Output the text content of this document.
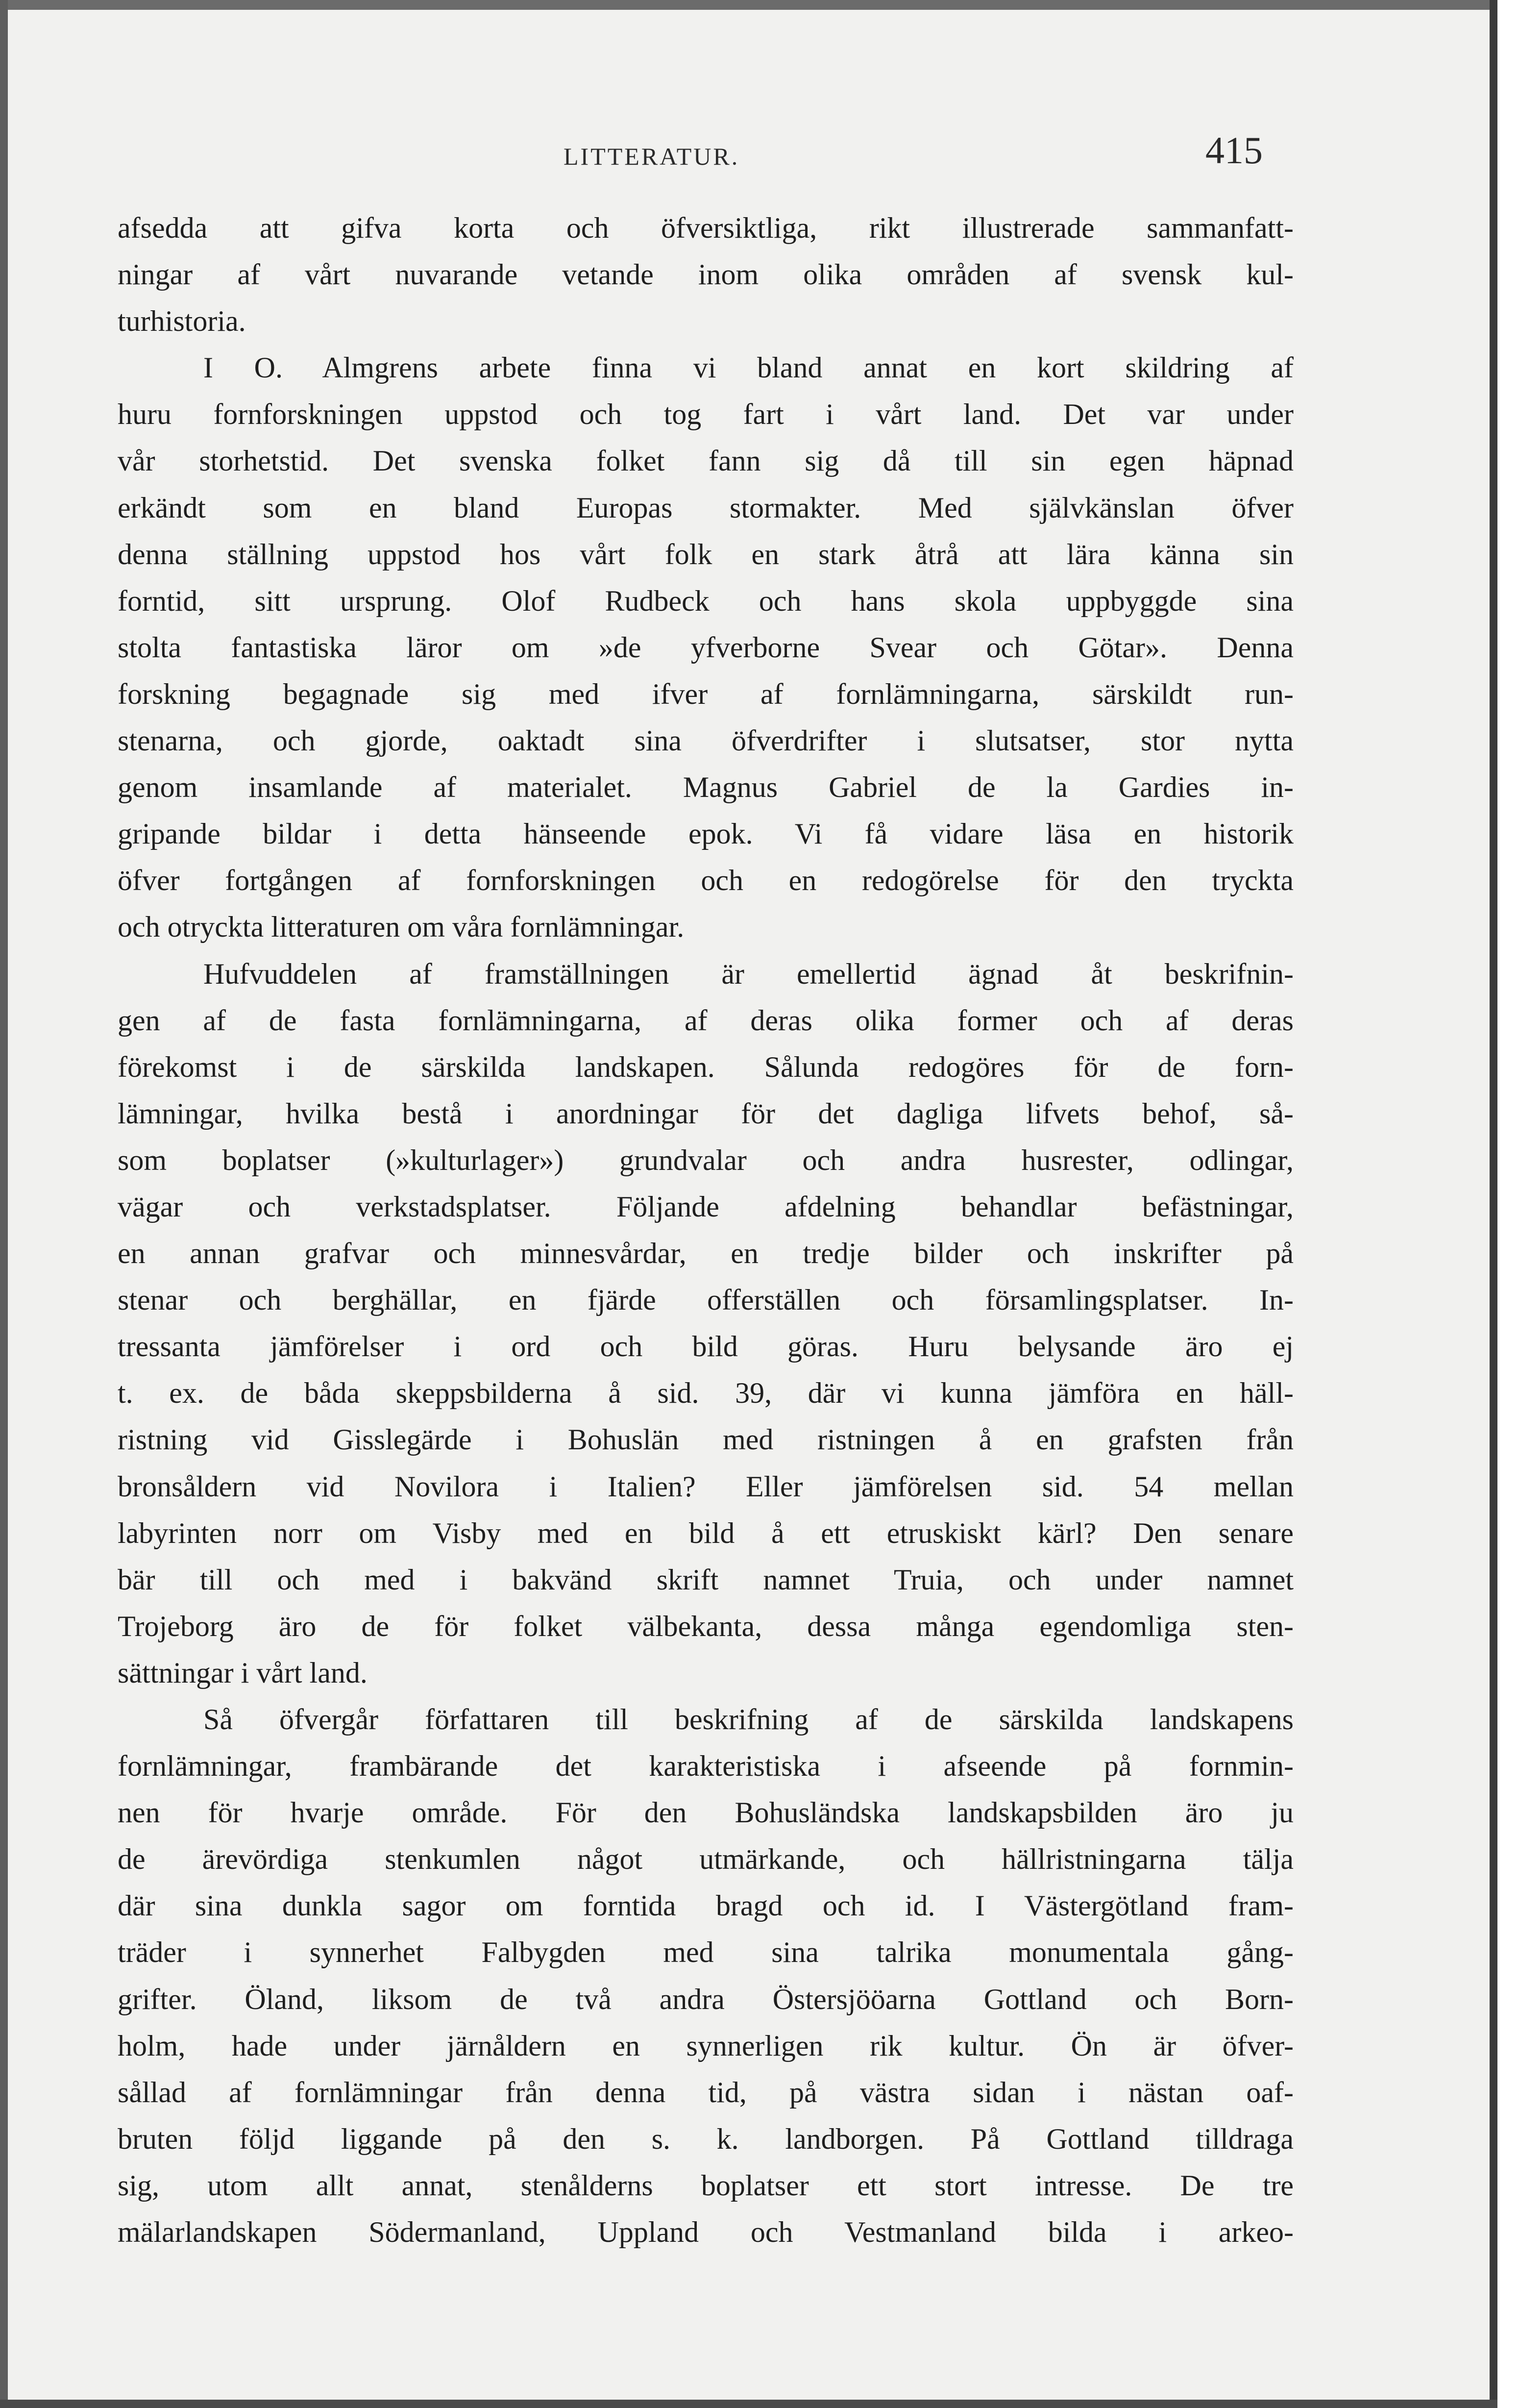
LITTERATUR.	415
afsedda att gifva korta och öfversiktliga, rikt illustrerade sammanfatt-
ningar af vårt nuvarande vetande inom olika områden af svensk kul-
turhistoria.
I O. Almgrens arbete finna vi bland annat en kort skildring af
huru fornforskningen uppstod och tog fart i vårt land. Det var under
vår storhetstid. Det svenska folket fann sig då till sin egen häpnad
erkändt som en bland Europas stormakter. Med självkänslan öfver
denna ställning uppstod hos vårt folk en stark åtrå att lära känna sin
forntid, sitt ursprung. Olof Rudbeck och hans skola uppbyggde sina
stolta fantastiska läror om »de yfverborne Svear och Götar». Denna
forskning begagnade sig med ifver af fornlämningarna, särskildt run-
stenarna, och gjorde, oaktadt sina öfverdrifter i slutsatser, stor nytta
genom insamlande af materialet. Magnus Gabriel de la Gardies in-
gripande bildar i detta hänseende epok. Vi få vidare läsa en historik
öfver fortgången af fornforskningen och en redogörelse för den tryckta
och otryckta litteraturen om våra fornlämningar.
Hufvuddelen af framställningen är emellertid ägnad åt beskrifnin-
gen af de fasta fornlämningarna, af deras olika former och af deras
förekomst i de särskilda landskapen. Sålunda redogöres för de forn-
lämningar, hvilka bestå i anordningar för det dagliga lifvets behof, så-
som boplatser (»kulturlager») grundvalar och andra husrester, odlingar,
vägar och verkstadsplatser. Följande afdelning behandlar befästningar,
en annan grafvar och minnesvårdar, en tredje bilder och inskrifter på
stenar och berghällar, en fjärde offerställen och församlingsplatser. In-
tressanta jämförelser i ord och bild göras. Huru belysande äro ej
t. ex. de båda skeppsbilderna å sid. 39, där vi kunna jämföra en häll-
ristning vid Gisslegärde i Bohuslän med ristningen å en grafsten från
bronsåldern vid Novilora i Italien? Eller jämförelsen sid. 54 mellan
labyrinten norr om Visby med en bild å ett etruskiskt kärl? Den senare
bär till och med i bakvänd skrift namnet Truia, och under namnet
Trojeborg äro de för folket välbekanta, dessa många egendomliga sten-
sättningar i vårt land.
Så öfvergår författaren till beskrifning af de särskilda landskapens
fornlämningar, frambärande det karakteristiska i afseende på fornmin-
nen för hvarje område. För den Bohusländska landskapsbilden äro ju
de ärevördiga stenkumlen något utmärkande, och hällristningarna tälja
där sina dunkla sagor om forntida bragd och id. I Västergötland fram-
träder i synnerhet Falbygden med sina talrika monumentala gång-
grifter. Öland, liksom de två andra Östersjööarna Gottland och Born-
holm, hade under järnåldern en synnerligen rik kultur. Ön är öfver-
sållad af fornlämningar från denna tid, på västra sidan i nästan oaf-
bruten följd liggande på den s. k. landborgen. På Gottland tilldraga
sig, utom allt annat, stenålderns boplatser ett stort intresse. De tre
mälarlandskapen Södermanland, Uppland och Vestmanland bilda i arkeo-
